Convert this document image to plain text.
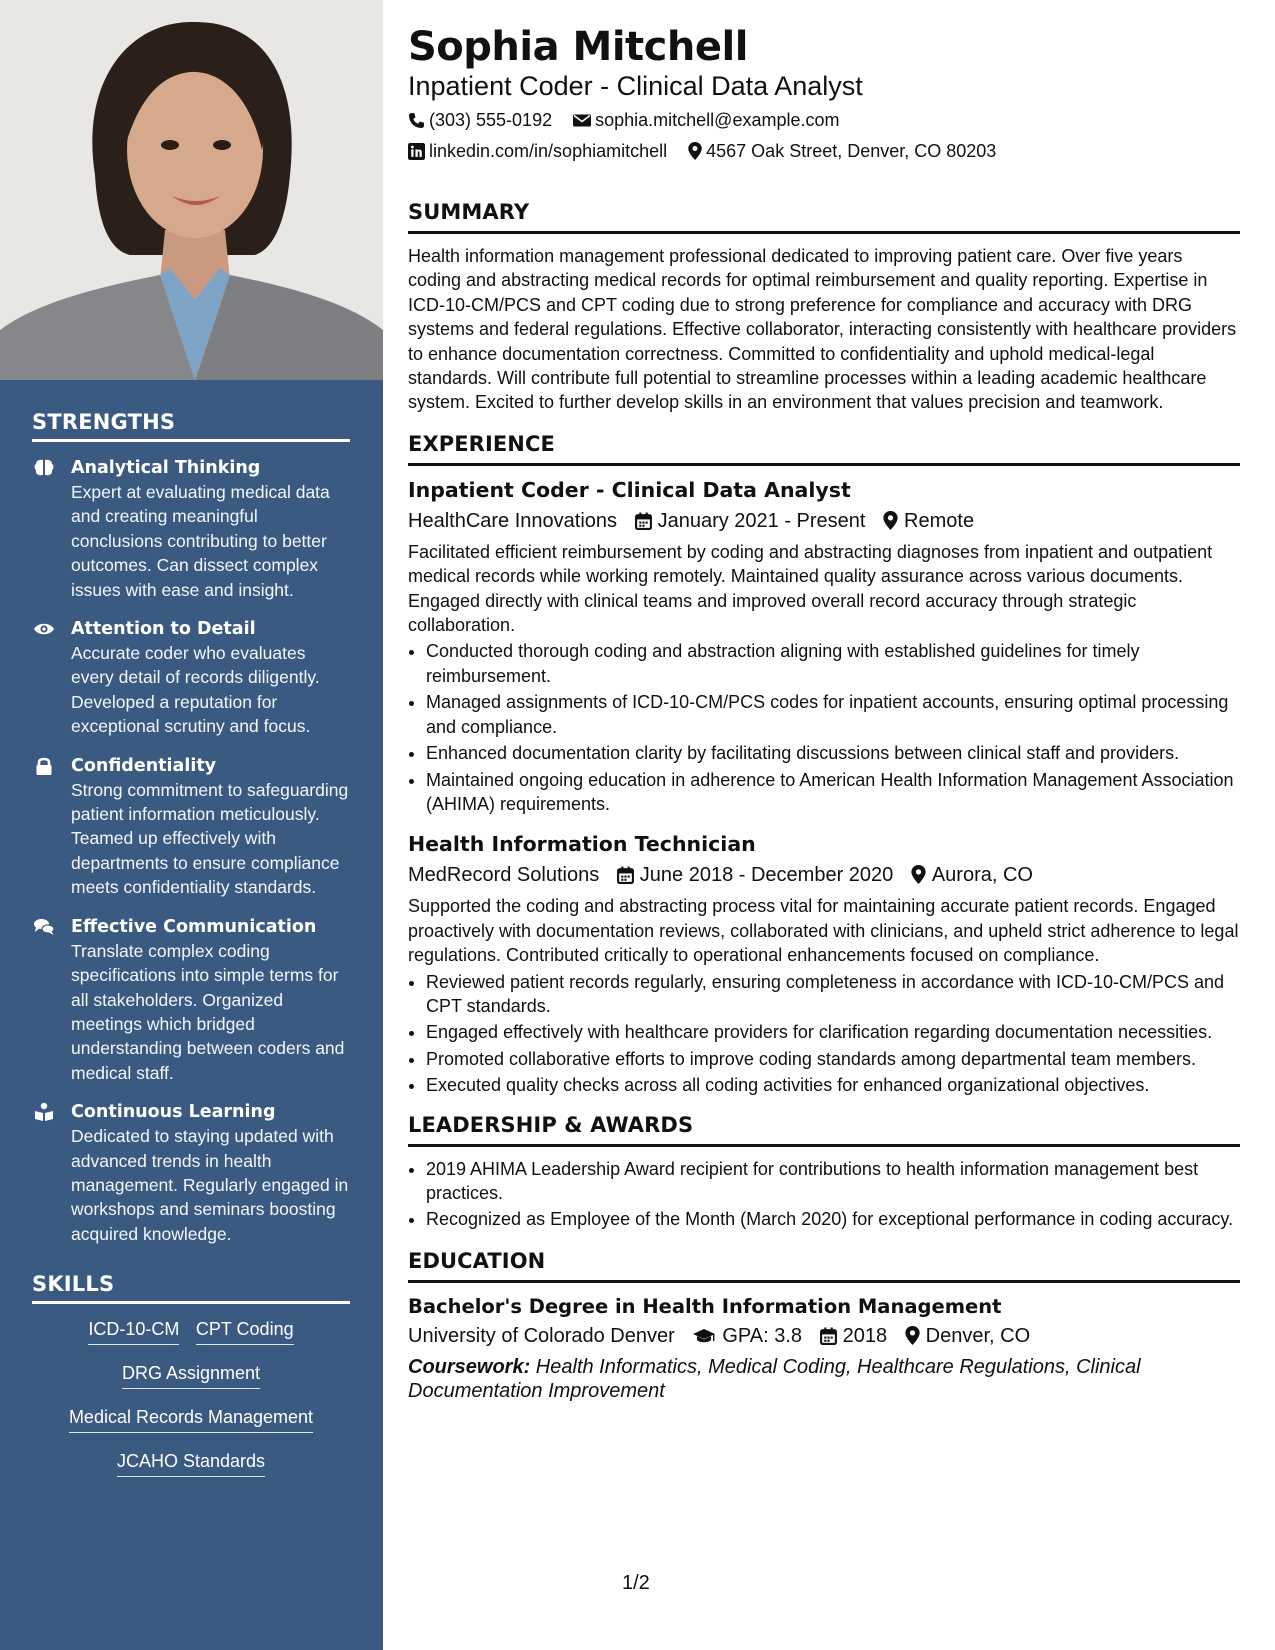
STRENGTHS
Analytical Thinking
Expert at evaluating medical data and creating meaningful conclusions contributing to better outcomes. Can dissect complex issues with ease and insight.
Attention to Detail
Accurate coder who evaluates every detail of records diligently. Developed a reputation for exceptional scrutiny and focus.
Confidentiality
Strong commitment to safeguarding patient information meticulously. Teamed up effectively with departments to ensure compliance meets confidentiality standards.
Effective Communication
Translate complex coding specifications into simple terms for all stakeholders. Organized meetings which bridged understanding between coders and medical staff.
Continuous Learning
Dedicated to staying updated with advanced trends in health management. Regularly engaged in workshops and seminars boosting acquired knowledge.
SKILLS
ICD-10-CM CPT Coding
DRG Assignment
Medical Records Management
JCAHO Standards
Sophia Mitchell
Inpatient Coder - Clinical Data Analyst
(303) 555-0192 sophia.mitchell@example.com
linkedin.com/in/sophiamitchell 4567 Oak Street, Denver, CO 80203
SUMMARY
Health information management professional dedicated to improving patient care. Over five years coding and abstracting medical records for optimal reimbursement and quality reporting. Expertise in ICD-10-CM/PCS and CPT coding due to strong preference for compliance and accuracy with DRG systems and federal regulations. Effective collaborator, interacting consistently with healthcare providers to enhance documentation correctness. Committed to confidentiality and uphold medical-legal standards. Will contribute full potential to streamline processes within a leading academic healthcare system. Excited to further develop skills in an environment that values precision and teamwork.
EXPERIENCE
Inpatient Coder - Clinical Data Analyst
HealthCare Innovations January 2021 - Present Remote
Facilitated efficient reimbursement by coding and abstracting diagnoses from inpatient and outpatient medical records while working remotely. Maintained quality assurance across various documents. Engaged directly with clinical teams and improved overall record accuracy through strategic collaboration.
• Conducted thorough coding and abstraction aligning with established guidelines for timely reimbursement.
• Managed assignments of ICD-10-CM/PCS codes for inpatient accounts, ensuring optimal processing and compliance.
• Enhanced documentation clarity by facilitating discussions between clinical staff and providers.
• Maintained ongoing education in adherence to American Health Information Management Association (AHIMA) requirements.
Health Information Technician
MedRecord Solutions June 2018 - December 2020 Aurora, CO
Supported the coding and abstracting process vital for maintaining accurate patient records. Engaged proactively with documentation reviews, collaborated with clinicians, and upheld strict adherence to legal regulations. Contributed critically to operational enhancements focused on compliance.
• Reviewed patient records regularly, ensuring completeness in accordance with ICD-10-CM/PCS and CPT standards.
• Engaged effectively with healthcare providers for clarification regarding documentation necessities.
• Promoted collaborative efforts to improve coding standards among departmental team members.
• Executed quality checks across all coding activities for enhanced organizational objectives.
LEADERSHIP & AWARDS
• 2019 AHIMA Leadership Award recipient for contributions to health information management best practices.
• Recognized as Employee of the Month (March 2020) for exceptional performance in coding accuracy.
EDUCATION
Bachelor's Degree in Health Information Management
University of Colorado Denver GPA: 3.8 2018 Denver, CO
Coursework: Health Informatics, Medical Coding, Healthcare Regulations, Clinical Documentation Improvement
1/2
